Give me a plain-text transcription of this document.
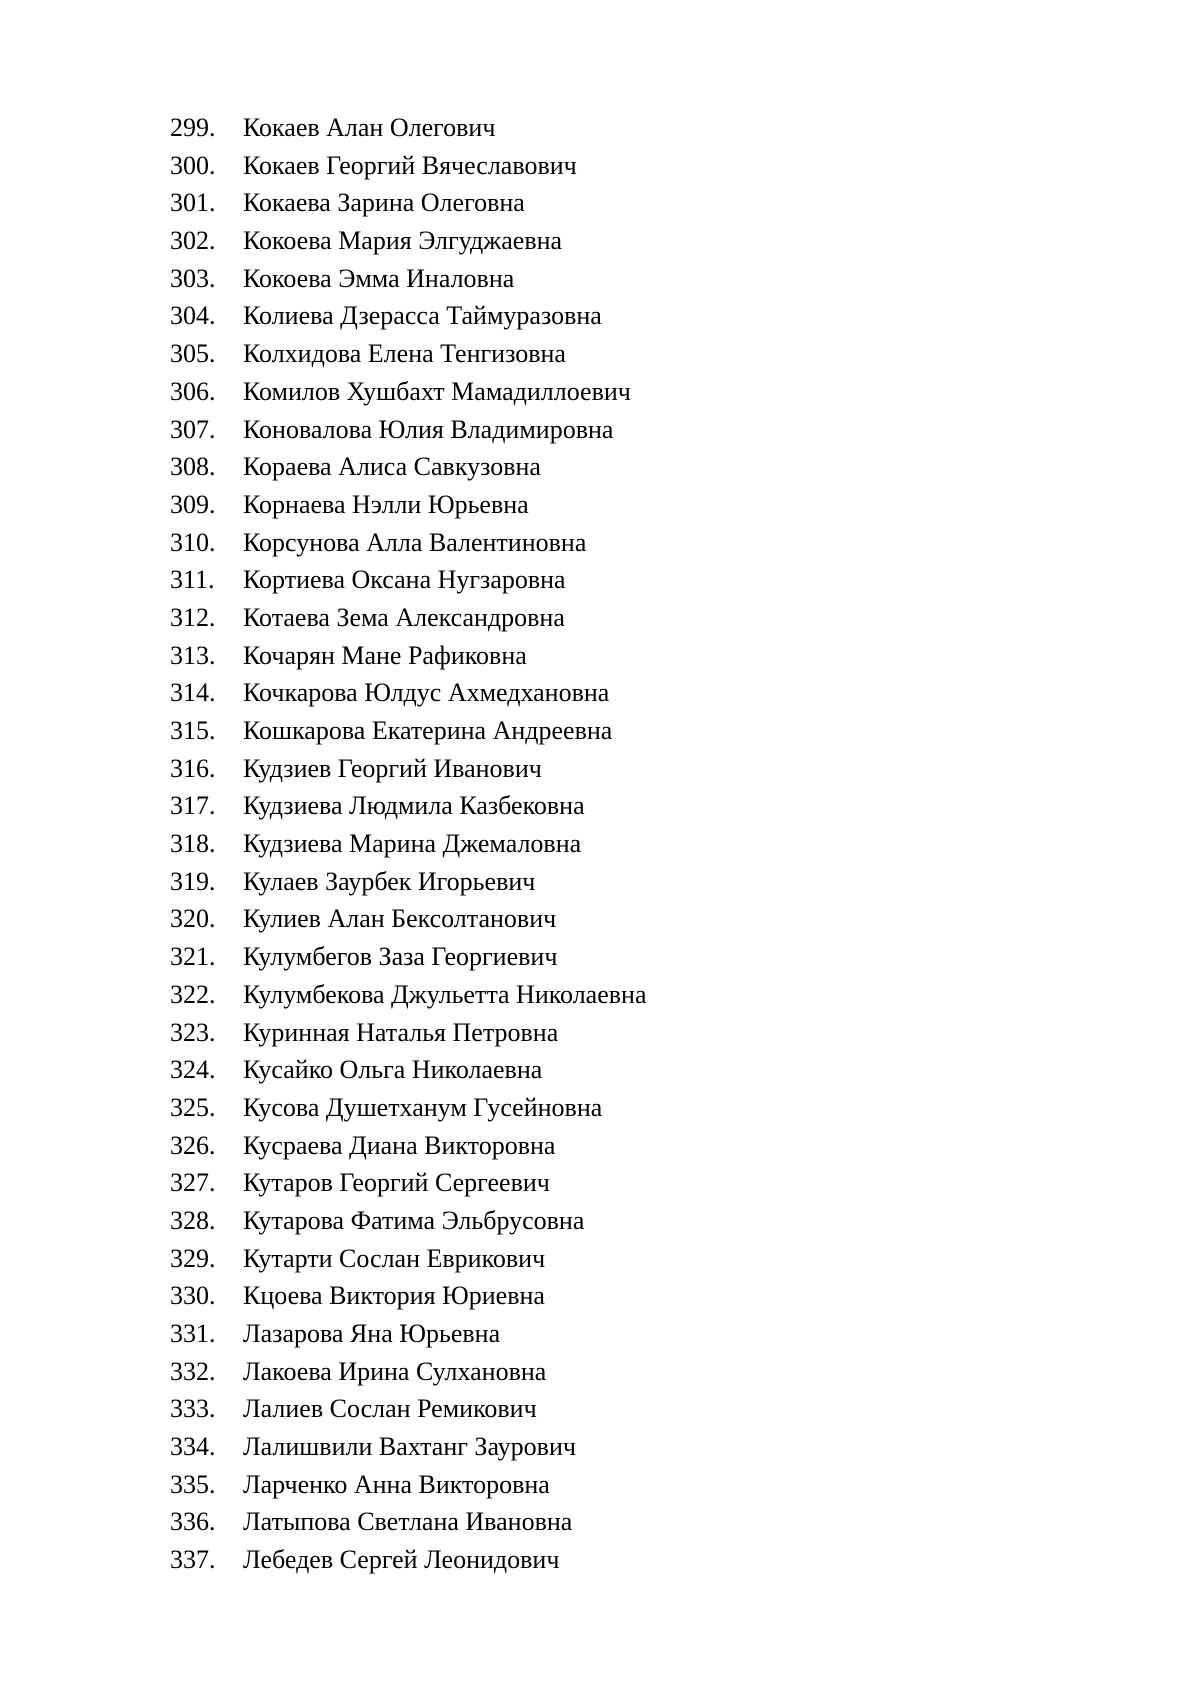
299.	Кокаев Алан Олегович
300.	Кокаев Георгий Вячеславович
301.	Кокаева Зарина Олеговна
302.	Кокоева Мария Элгуджаевна
303.	Кокоева Эмма Иналовна
304.	Колиева Дзерасса Таймуразовна
305.	Колхидова Елена Тенгизовна
306.	Комилов Хушбахт Мамадиллоевич
307.	Коновалова Юлия Владимировна
308.	Кораева Алиса Савкузовна
309.	Корнаева Нэлли Юрьевна
310.	Корсунова Алла Валентиновна
311.	Кортиева Оксана Нугзаровна
312.	Котаева Зема Александровна
313.	Кочарян Мане Рафиковна
314.	Кочкарова Юлдус Ахмедхановна
315.	Кошкарова Екатерина Андреевна
316.	Кудзиев Георгий Иванович
317.	Кудзиева Людмила Казбековна
318.	Кудзиева Марина Джемаловна
319.	Кулаев Заурбек Игорьевич
320.	Кулиев Алан Бексолтанович
321.	Кулумбегов Заза Георгиевич
322.	Кулумбекова Джульетта Николаевна
323.	Куринная Наталья Петровна
324.	Кусайко Ольга Николаевна
325.	Кусова Душетханум Гусейновна
326.	Кусраева Диана Викторовна
327.	Кутаров Георгий Сергеевич
328.	Кутарова Фатима Эльбрусовна
329.	Кутарти Сослан Еврикович
330.	Кцоева Виктория Юриевна
331.	Лазарова Яна Юрьевна
332.	Лакоева Ирина Сулхановна
333.	Лалиев Сослан Ремикович
334.	Лалишвили Вахтанг Заурович
335.	Ларченко Анна Викторовна
336.	Латыпова Светлана Ивановна
337.	Лебедев Сергей Леонидович
